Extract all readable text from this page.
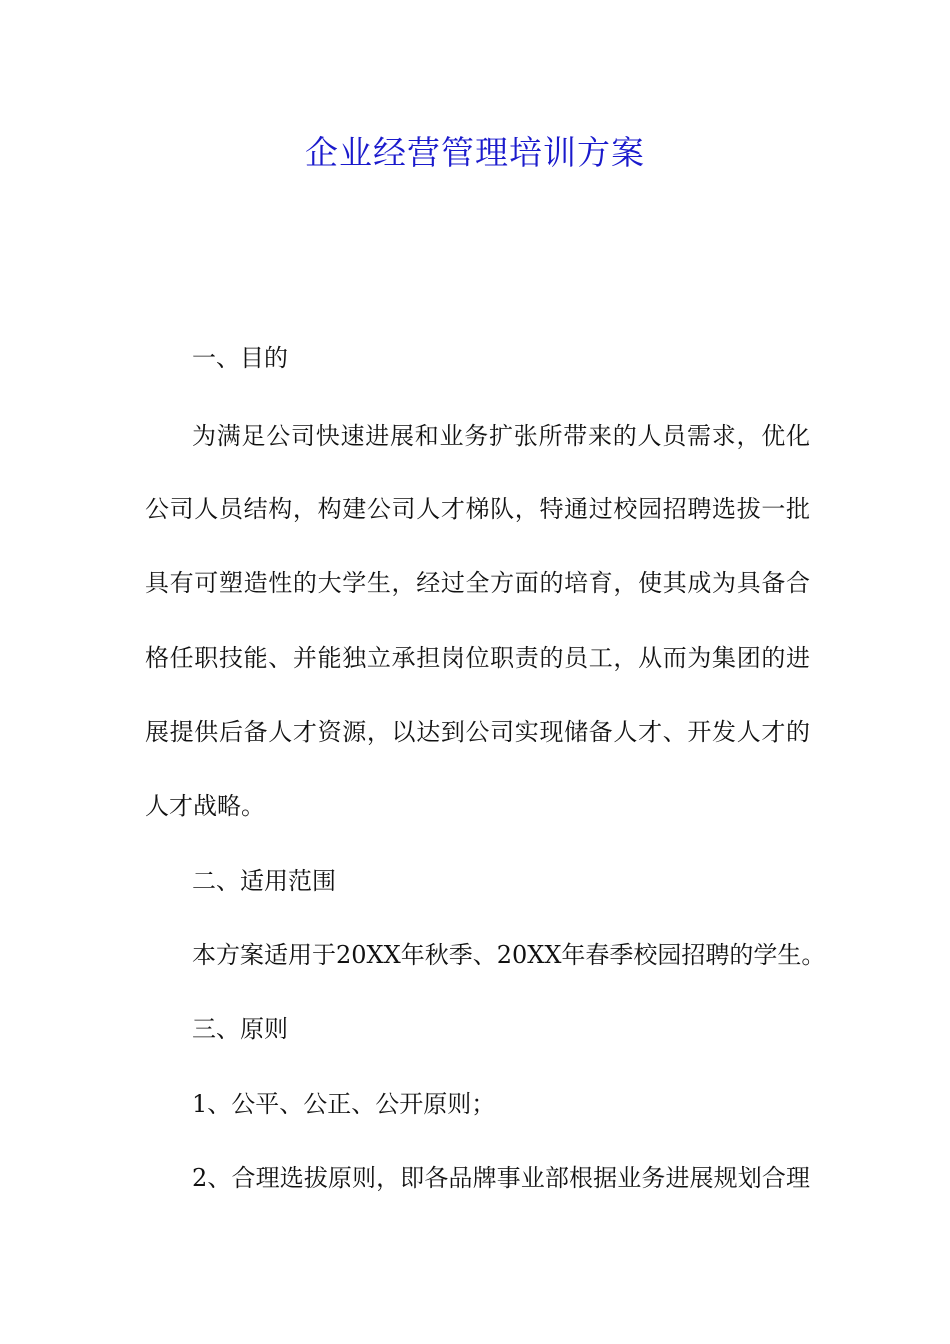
企业经营管理培训方案

一、目的

为满足公司快速进展和业务扩张所带来的人员需求，优化

公司人员结构，构建公司人才梯队，特通过校园招聘选拔一批

具有可塑造性的大学生，经过全方面的培育，使其成为具备合

格任职技能、并能独立承担岗位职责的员工，从而为集团的进

展提供后备人才资源，以达到公司实现储备人才、开发人才的

人才战略。

二、适用范围

本方案适用于20XX年秋季、20XX年春季校园招聘的学生。

三、原则

1、公平、公正、公开原则；

2、合理选拔原则，即各品牌事业部根据业务进展规划合理
